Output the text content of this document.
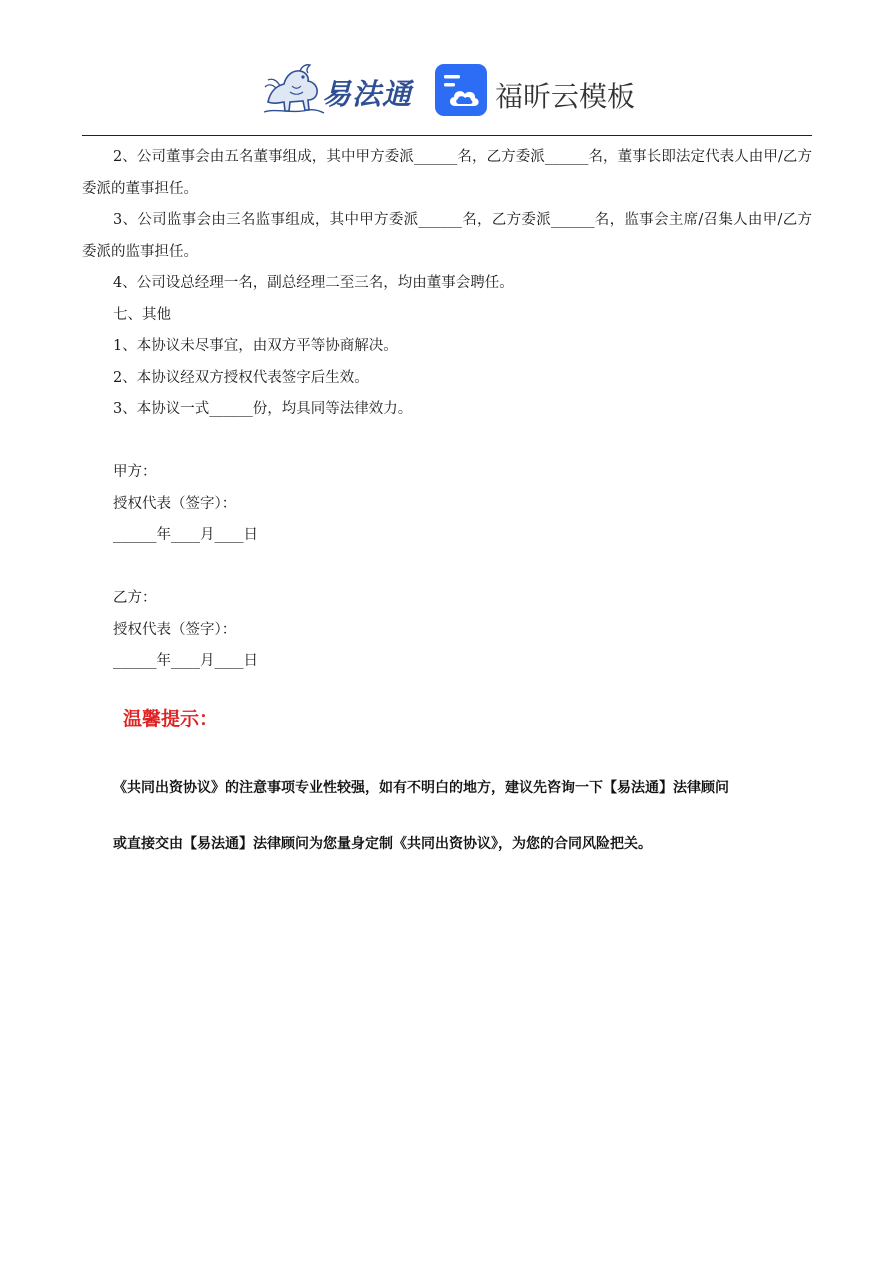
易法通	福昕云模板

2、公司董事会由五名董事组成，其中甲方委派______名，乙方委派______名，董事长即法定代表人由甲/乙方委派的董事担任。

3、公司监事会由三名监事组成，其中甲方委派______名，乙方委派______名，监事会主席/召集人由甲/乙方委派的监事担任。

4、公司设总经理一名，副总经理二至三名，均由董事会聘任。

七、其他

1、本协议未尽事宜，由双方平等协商解决。

2、本协议经双方授权代表签字后生效。

3、本协议一式______份，均具同等法律效力。

甲方：

授权代表（签字）：

______年____月____日

乙方：

授权代表（签字）：

______年____月____日

温馨提示：
《共同出资协议》的注意事项专业性较强，如有不明白的地方，建议先咨询一下【易法通】法律顾问
或直接交由【易法通】法律顾问为您量身定制《共同出资协议》，为您的合同风险把关。
